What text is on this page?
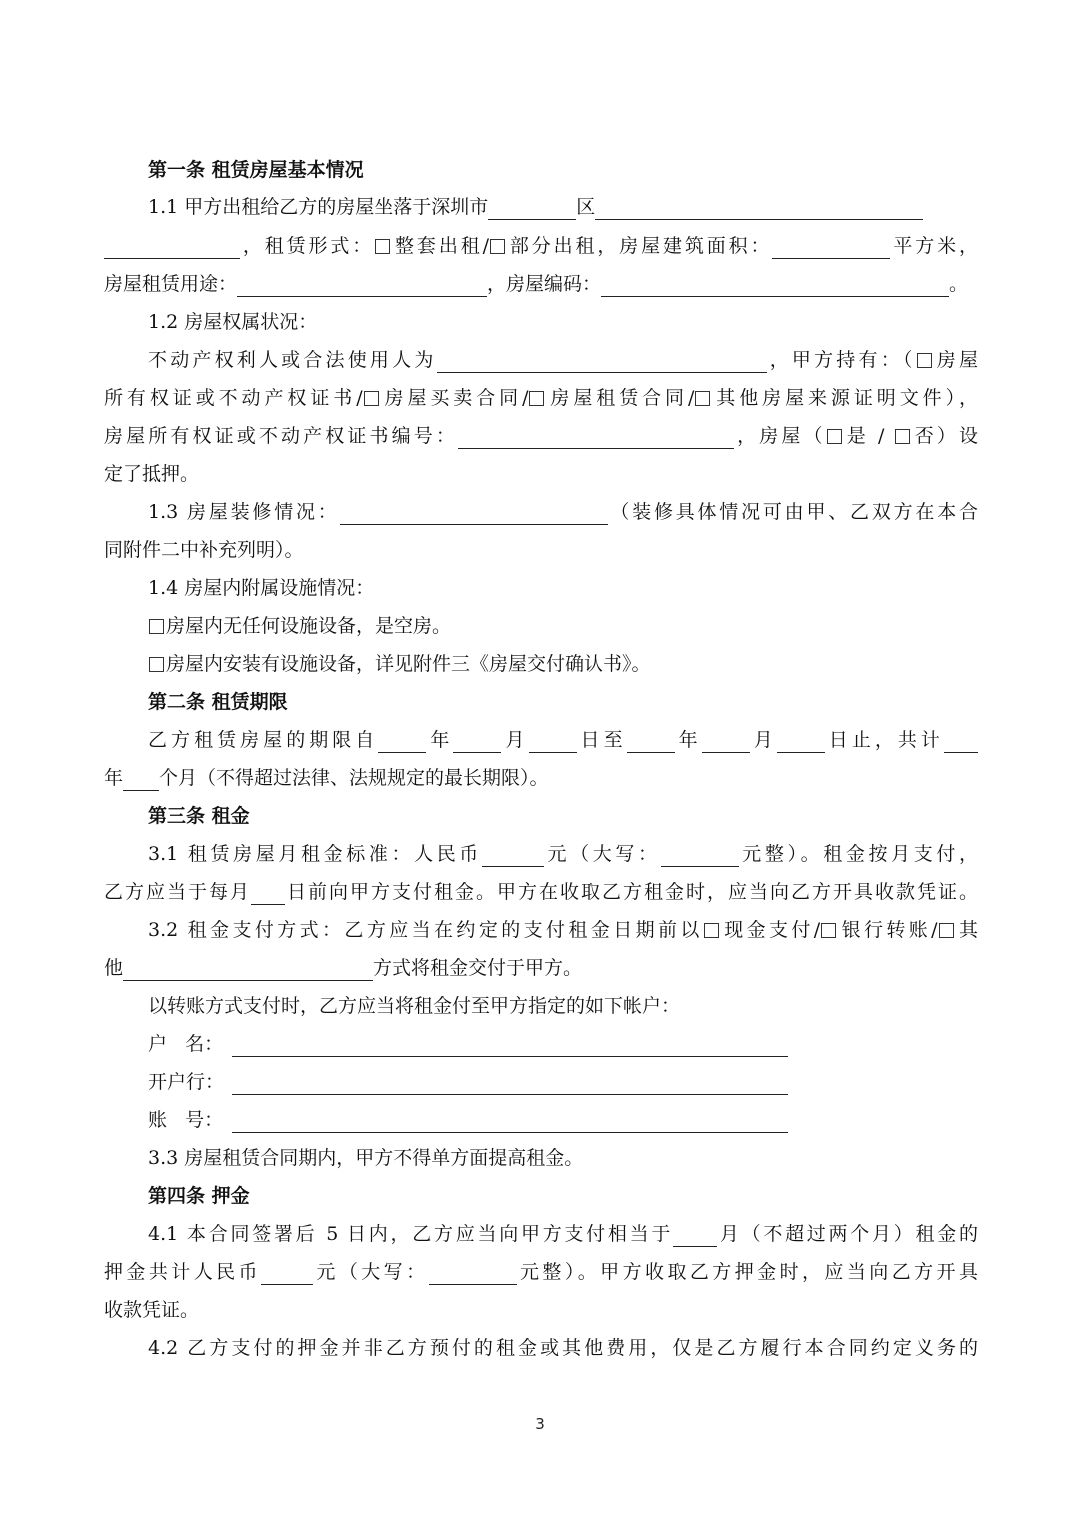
第一条 租赁房屋基本情况
1.1 甲方出租给乙方的房屋坐落于深圳市	区
，租赁形式： 整套出租/ 部分出租，房屋建筑面积：	平方米，
房屋租赁用途：	，房屋编码：	。
1.2 房屋权属状况：
不动产权利人或合法使用人为	，甲方持有：（ 房屋
所有权证或不动产权证书/ 房屋买卖合同/ 房屋租赁合同/ 其他房屋来源证明文件），
房屋所有权证或不动产权证书编号：	，房屋（ 是 / 否）设
定了抵押。
1.3 房屋装修情况：	（装修具体情况可由甲、乙双方在本合
同附件二中补充列明）。
1.4 房屋内附属设施情况：
房屋内无任何设施设备，是空房。
房屋内安装有设施设备，详见附件三《房屋交付确认书》。
第二条 租赁期限
乙方租赁房屋的期限自	年	月	日至	年	月	日止，共计
年 个月（不得超过法律、法规规定的最长期限）。
第三条 租金
3.1 租赁房屋月租金标准：人民币	元（大写：	元整）。租金按月支付，
乙方应当于每月 日前向甲方支付租金。甲方在收取乙方租金时，应当向乙方开具收款凭证。
3.2 租金支付方式：乙方应当在约定的支付租金日期前以 现金支付/ 银行转账/ 其
他	方式将租金交付于甲方。
以转账方式支付时，乙方应当将租金付至甲方指定的如下帐户：
户   名：
开户行：
账   号：
3.3 房屋租赁合同期内，甲方不得单方面提高租金。
第四条 押金
4.1 本合同签署后 5 日内，乙方应当向甲方支付相当于 月（不超过两个月）租金的
押金共计人民币	元（大写：	元整）。甲方收取乙方押金时，应当向乙方开具
收款凭证。
4.2 乙方支付的押金并非乙方预付的租金或其他费用，仅是乙方履行本合同约定义务的
3
